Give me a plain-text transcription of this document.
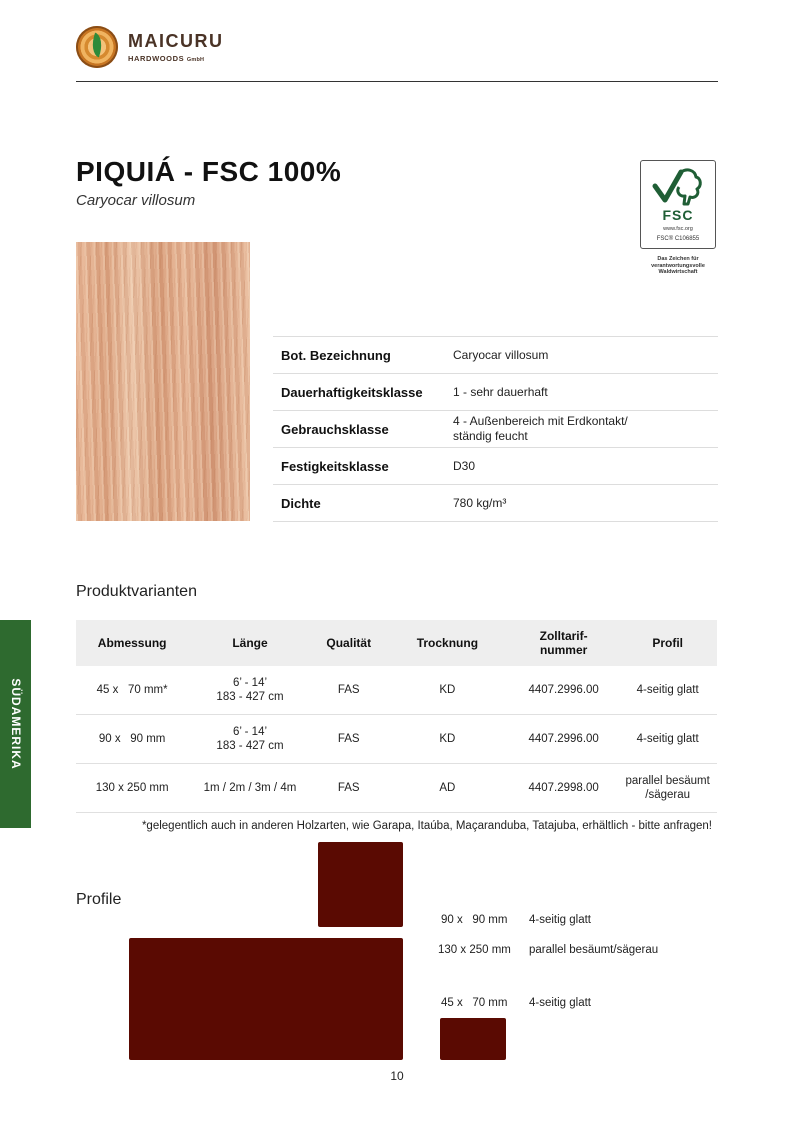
MAICURU
HARDWOODS GmbH
PIQUIÁ - FSC 100%
Caryocar villosum
FSC
www.fsc.org
FSC® C106855
Das Zeichen für verantwortungsvolle Waldwirtschaft
Bot. Bezeichnung	Caryocar villosum
Dauerhaftigkeitsklasse	1 - sehr dauerhaft
Gebrauchsklasse
4 - Außenbereich mit Erdkontakt/ ständig feucht
Festigkeitsklasse	D30
Dichte	780 kg/m³
Produktvarianten
Abmessung	Länge	Qualität	Trocknung	Zolltarif-
nummer	Profil
45 x   70 mm*	6’ - 14’
183 - 427 cm	FAS	KD	4407.2996.00	4-seitig glatt
90 x   90 mm	6’ - 14’
183 - 427 cm	FAS	KD	4407.2996.00	4-seitig glatt
130 x 250 mm	1m / 2m / 3m / 4m	FAS	AD	4407.2998.00	parallel besäumt
/sägerau
*gelegentlich auch in anderen Holzarten, wie Garapa, Itaúba, Maçaranduba, Tatajuba, erhältlich - bitte anfragen!
SÜDAMERIKA
Profile
90 x   90 mm 4-seitig glatt
130 x 250 mm parallel besäumt/sägerau
45 x   70 mm 4-seitig glatt
10
